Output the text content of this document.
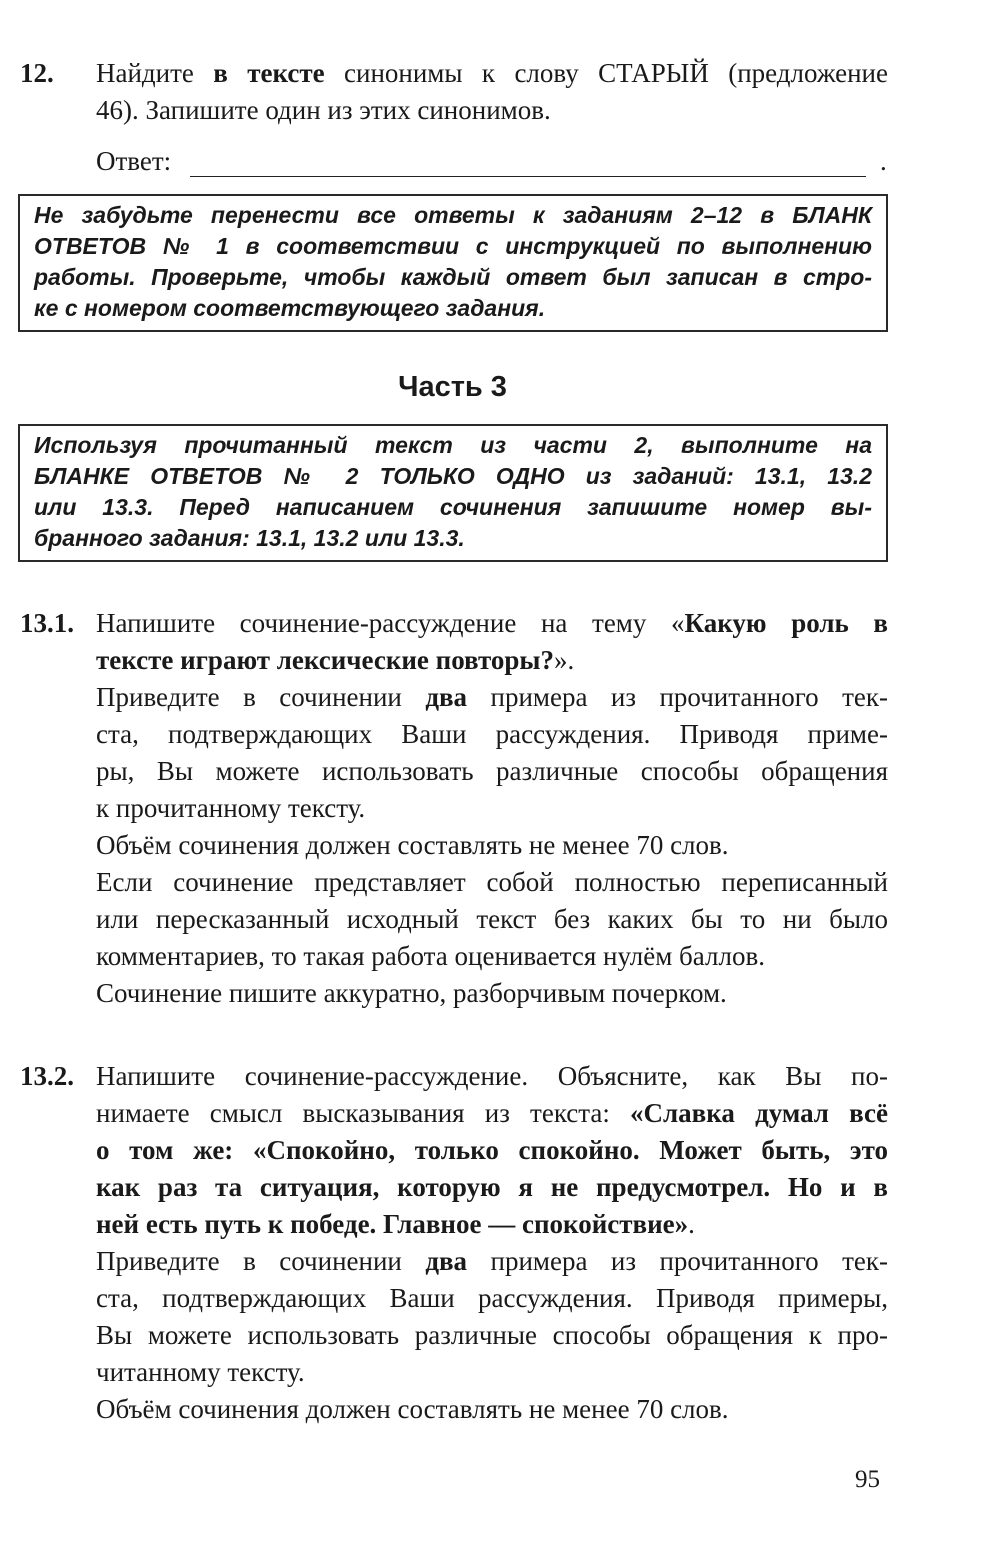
12. Найдите в тексте синонимы к слову СТАРЫЙ (предложение
46). Запишите один из этих синонимов.
Ответ:	.
Не забудьте перенести все ответы к заданиям 2–12 в БЛАНК
ОТВЕТОВ № 1 в соответствии с инструкцией по выполнению
работы. Проверьте, чтобы каждый ответ был записан в стро-
ке с номером соответствующего задания.
Часть 3
Используя прочитанный текст из части 2, выполните на
БЛАНКЕ ОТВЕТОВ № 2 ТОЛЬКО ОДНО из заданий: 13.1, 13.2
или 13.3. Перед написанием сочинения запишите номер вы-
бранного задания: 13.1, 13.2 или 13.3.
13.1. Напишите сочинение-рассуждение на тему «Какую роль в
тексте играют лексические повторы?».
Приведите в сочинении два примера из прочитанного тек-
ста, подтверждающих Ваши рассуждения. Приводя приме-
ры, Вы можете использовать различные способы обращения
к прочитанному тексту.
Объём сочинения должен составлять не менее 70 слов.
Если сочинение представляет собой полностью переписанный
или пересказанный исходный текст без каких бы то ни было
комментариев, то такая работа оценивается нулём баллов.
Сочинение пишите аккуратно, разборчивым почерком.
13.2. Напишите сочинение-рассуждение. Объясните, как Вы по-
нимаете смысл высказывания из текста: «Славка думал всё
о том же: «Спокойно, только спокойно. Может быть, это
как раз та ситуация, которую я не предусмотрел. Но и в
ней есть путь к победе. Главное — спокойствие».
Приведите в сочинении два примера из прочитанного тек-
ста, подтверждающих Ваши рассуждения. Приводя примеры,
Вы можете использовать различные способы обращения к про-
читанному тексту.
Объём сочинения должен составлять не менее 70 слов.
95
